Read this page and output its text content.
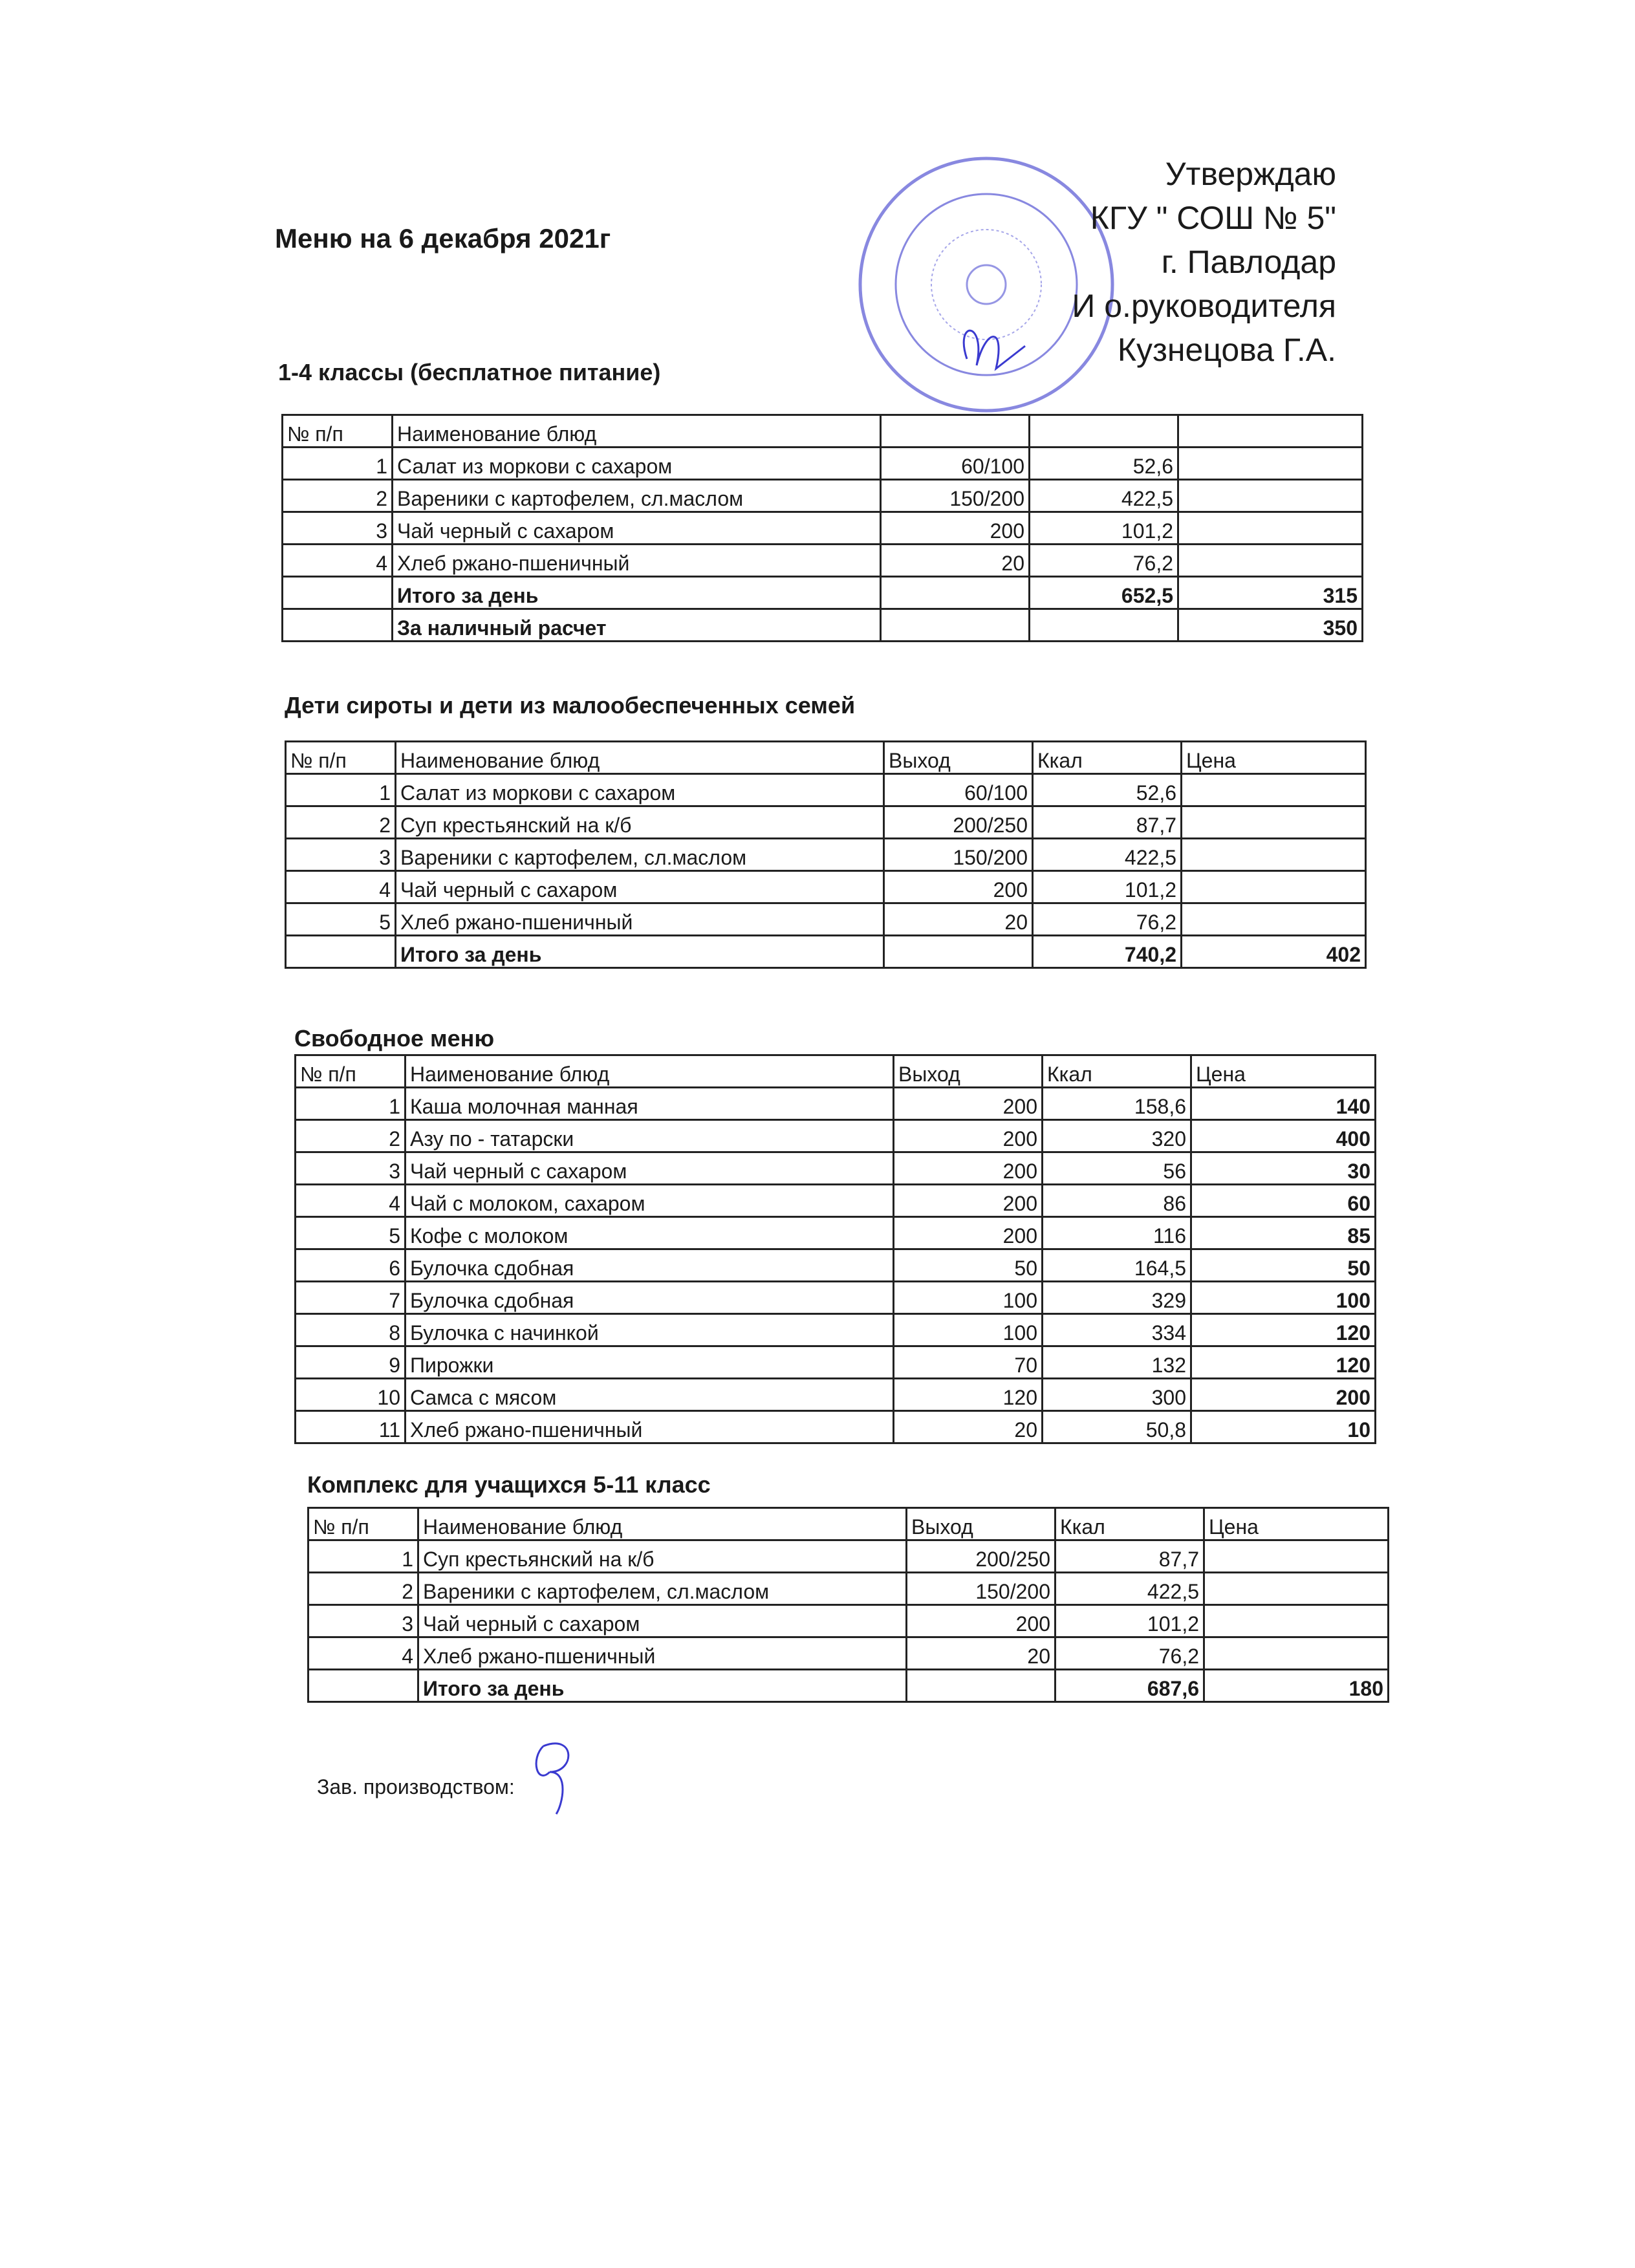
Меню на 6 декабря 2021г
Утверждаю
КГУ " СОШ № 5"
г. Павлодар
И о.руководителя
Кузнецова Г.А.
1-4 классы (бесплатное питание)
№ п/п	Наименование блюд			
1	Салат из моркови с сахаром	60/100	52,6	
2	Вареники с картофелем, сл.маслом	150/200	422,5	
3	Чай черный с сахаром	200	101,2	
4	Хлеб ржано-пшеничный	20	76,2	
	Итого за день		652,5	315
	За наличный расчет			350
Дети сироты и дети из малообеспеченных семей
№ п/п	Наименование блюд	Выход	Ккал	Цена
1	Салат из моркови с сахаром	60/100	52,6	
2	Суп крестьянский на к/б	200/250	87,7	
3	Вареники с картофелем, сл.маслом	150/200	422,5	
4	Чай черный с сахаром	200	101,2	
5	Хлеб ржано-пшеничный	20	76,2	
	Итого за день		740,2	402
Свободное меню
№ п/п	Наименование блюд	Выход	Ккал	Цена
1	Каша молочная манная	200	158,6	140
2	Азу по - татарски	200	320	400
3	Чай черный с сахаром	200	56	30
4	Чай с молоком, сахаром	200	86	60
5	Кофе с молоком	200	116	85
6	Булочка сдобная	50	164,5	50
7	Булочка сдобная	100	329	100
8	Булочка с начинкой	100	334	120
9	Пирожки	70	132	120
10	Самса с мясом	120	300	200
11	Хлеб ржано-пшеничный	20	50,8	10
Комплекс для учащихся 5-11 класс
№ п/п	Наименование блюд	Выход	Ккал	Цена
1	Суп крестьянский на к/б	200/250	87,7	
2	Вареники с картофелем, сл.маслом	150/200	422,5	
3	Чай черный с сахаром	200	101,2	
4	Хлеб ржано-пшеничный	20	76,2	
	Итого за день		687,6	180
Зав. производством:
